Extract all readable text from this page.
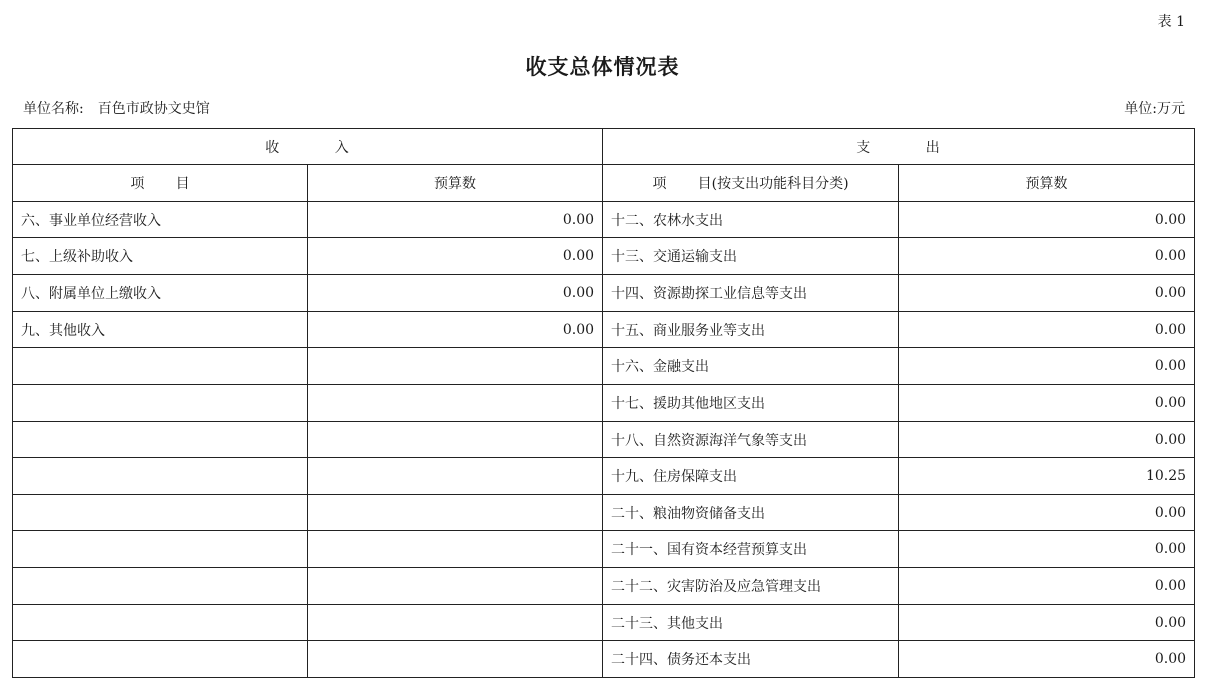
表 1
收支总体情况表
单位名称: 百色市政协文史馆	单位:万元
收          入		支          出	
项       目	预算数	项       目(按支出功能科目分类)	预算数
六、事业单位经营收入	0.00	十二、农林水支出	0.00
七、上级补助收入	0.00	十三、交通运输支出	0.00
八、附属单位上缴收入	0.00	十四、资源勘探工业信息等支出	0.00
九、其他收入	0.00	十五、商业服务业等支出	0.00
		十六、金融支出	0.00
		十七、援助其他地区支出	0.00
		十八、自然资源海洋气象等支出	0.00
		十九、住房保障支出	10.25
		二十、粮油物资储备支出	0.00
		二十一、国有资本经营预算支出	0.00
		二十二、灾害防治及应急管理支出	0.00
		二十三、其他支出	0.00
		二十四、债务还本支出	0.00
